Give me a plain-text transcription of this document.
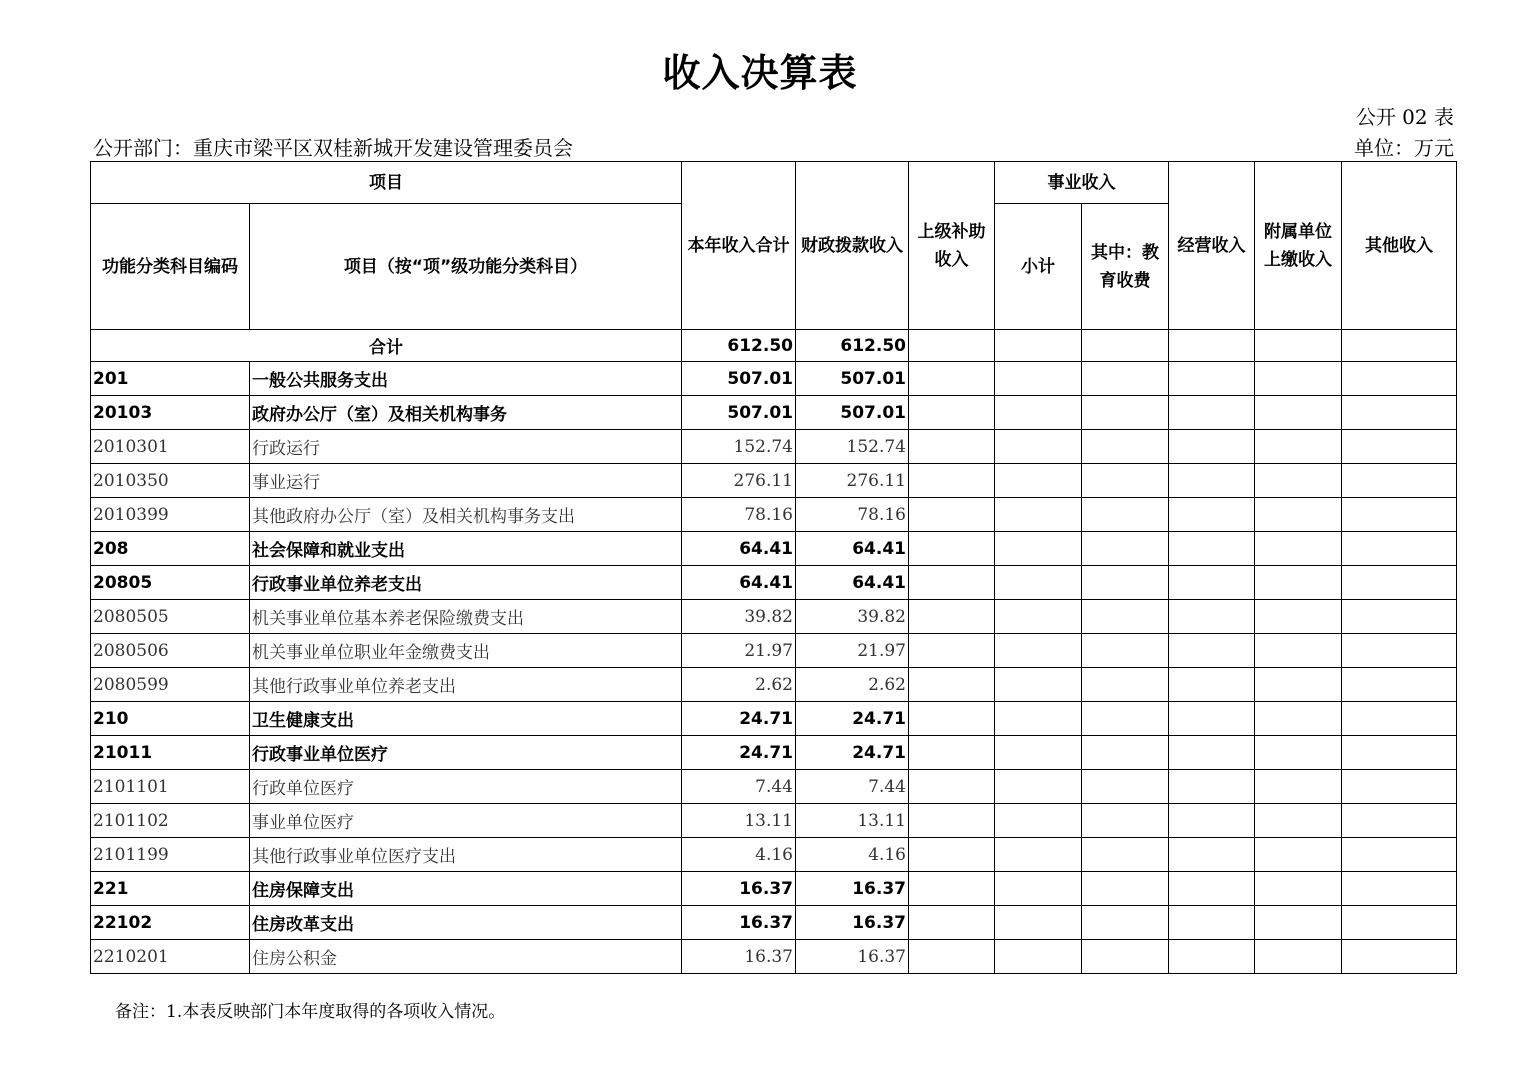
收入决算表
公开 02 表
公开部门：重庆市梁平区双桂新城开发建设管理委员会	单位：万元
项目		本年收入合计	财政拨款收入	上级补助收入	事业收入		经营收入	附属单位上缴收入	其他收入
功能分类科目编码	项目（按“项”级功能分类科目）				小计	其中：教育收费			
合计		612.50	612.50						
201	一般公共服务支出	507.01	507.01						
20103	政府办公厅（室）及相关机构事务	507.01	507.01						
2010301	行政运行	152.74	152.74						
2010350	事业运行	276.11	276.11						
2010399	其他政府办公厅（室）及相关机构事务支出	78.16	78.16						
208	社会保障和就业支出	64.41	64.41						
20805	行政事业单位养老支出	64.41	64.41						
2080505	机关事业单位基本养老保险缴费支出	39.82	39.82						
2080506	机关事业单位职业年金缴费支出	21.97	21.97						
2080599	其他行政事业单位养老支出	2.62	2.62						
210	卫生健康支出	24.71	24.71						
21011	行政事业单位医疗	24.71	24.71						
2101101	行政单位医疗	7.44	7.44						
2101102	事业单位医疗	13.11	13.11						
2101199	其他行政事业单位医疗支出	4.16	4.16						
221	住房保障支出	16.37	16.37						
22102	住房改革支出	16.37	16.37						
2210201	住房公积金	16.37	16.37						
备注：1.本表反映部门本年度取得的各项收入情况。
